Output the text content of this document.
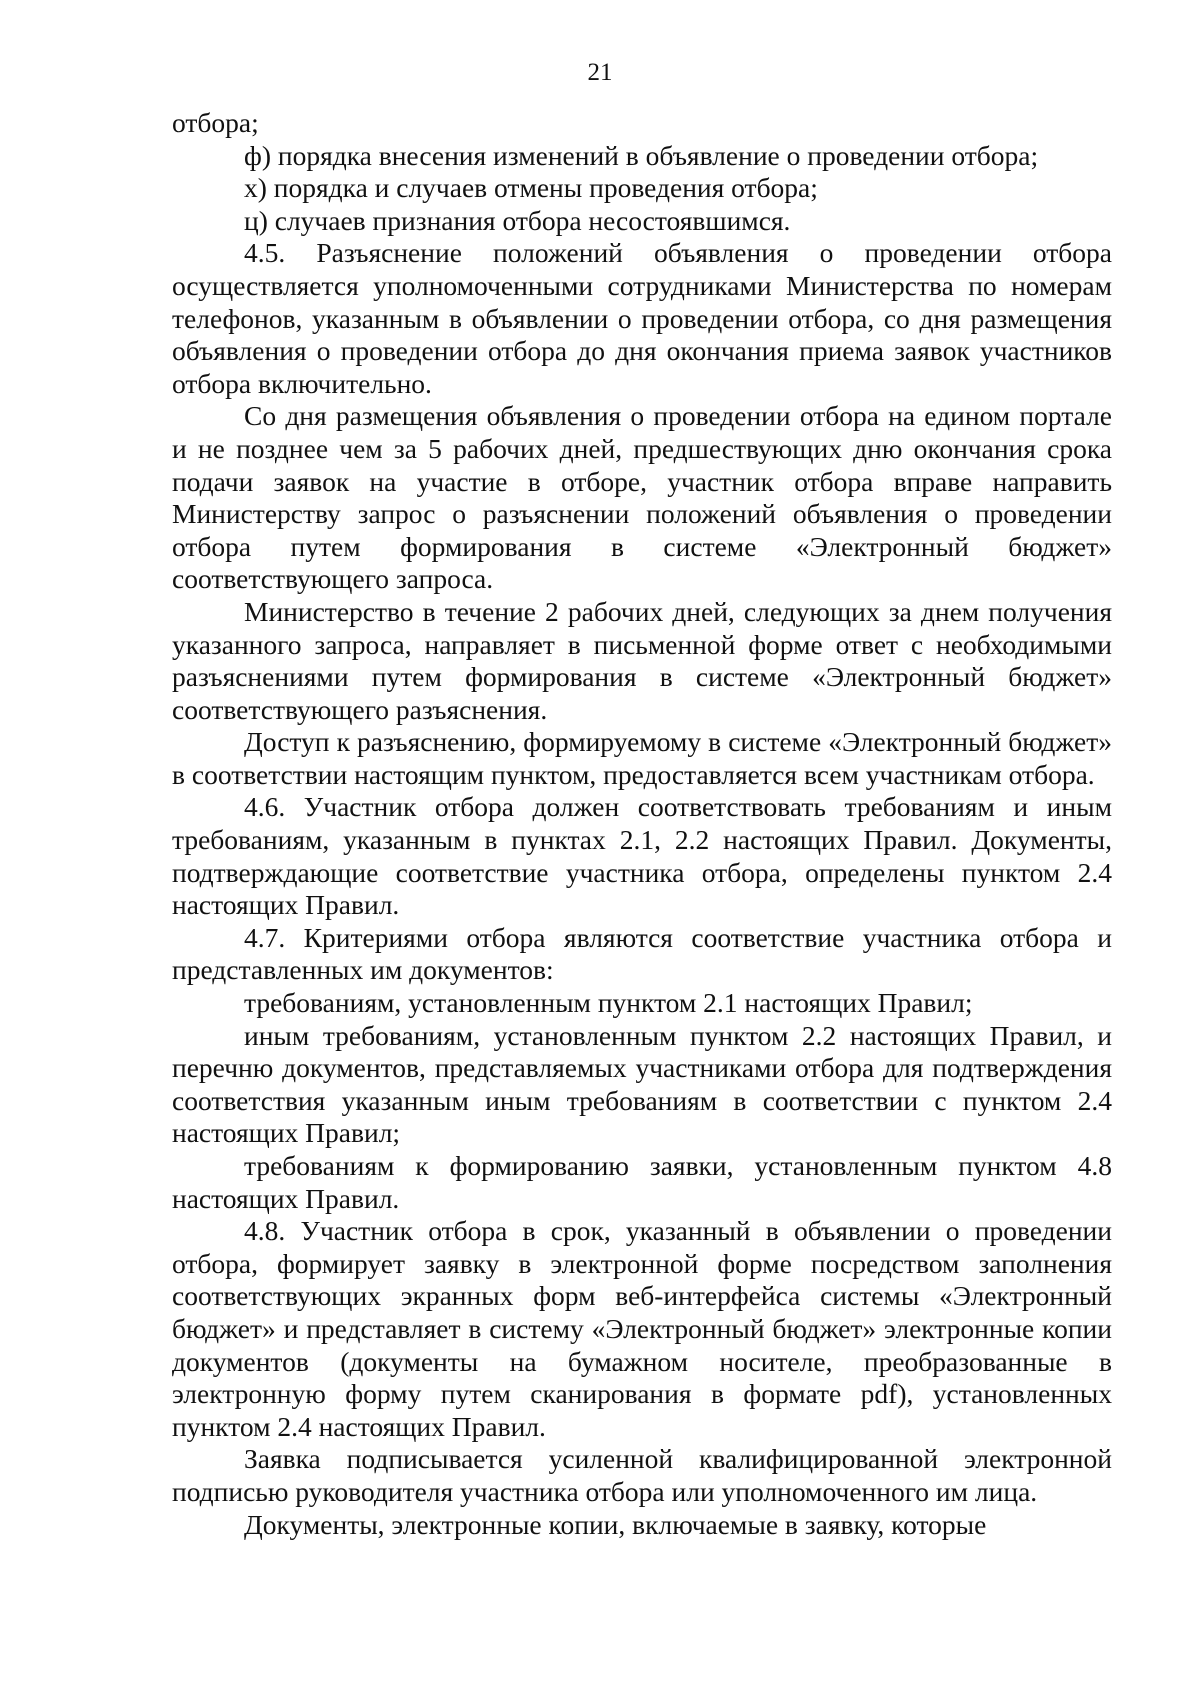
21

отбора;

ф) порядка внесения изменений в объявление о проведении отбора;

х) порядка и случаев отмены проведения отбора;

ц) случаев признания отбора несостоявшимся.

4.5. Разъяснение положений объявления о проведении отбора осуществляется уполномоченными сотрудниками Министерства по номерам телефонов, указанным в объявлении о проведении отбора, со дня размещения объявления о проведении отбора до дня окончания приема заявок участников отбора включительно.

Со дня размещения объявления о проведении отбора на едином портале и не позднее чем за 5 рабочих дней, предшествующих дню окончания срока подачи заявок на участие в отборе, участник отбора вправе направить Министерству запрос о разъяснении положений объявления о проведении отбора путем формирования в системе «Электронный бюджет» соответствующего запроса.

Министерство в течение 2 рабочих дней, следующих за днем получения указанного запроса, направляет в письменной форме ответ с необходимыми разъяснениями путем формирования в системе «Электронный бюджет» соответствующего разъяснения.

Доступ к разъяснению, формируемому в системе «Электронный бюджет» в соответствии настоящим пунктом, предоставляется всем участникам отбора.

4.6. Участник отбора должен соответствовать требованиям и иным требованиям, указанным в пунктах 2.1, 2.2 настоящих Правил. Документы, подтверждающие соответствие участника отбора, определены пунктом 2.4 настоящих Правил.

4.7. Критериями отбора являются соответствие участника отбора и представленных им документов:

требованиям, установленным пунктом 2.1 настоящих Правил;

иным требованиям, установленным пунктом 2.2 настоящих Правил, и перечню документов, представляемых участниками отбора для подтверждения соответствия указанным иным требованиям в соответствии с пунктом 2.4 настоящих Правил;

требованиям к формированию заявки, установленным пунктом 4.8 настоящих Правил.

4.8. Участник отбора в срок, указанный в объявлении о проведении отбора, формирует заявку в электронной форме посредством заполнения соответствующих экранных форм веб-интерфейса системы «Электронный бюджет» и представляет в систему «Электронный бюджет» электронные копии документов (документы на бумажном носителе, преобразованные в электронную форму путем сканирования в формате pdf), установленных пунктом 2.4 настоящих Правил.

Заявка подписывается усиленной квалифицированной электронной подписью руководителя участника отбора или уполномоченного им лица.

Документы, электронные копии, включаемые в заявку, которые
